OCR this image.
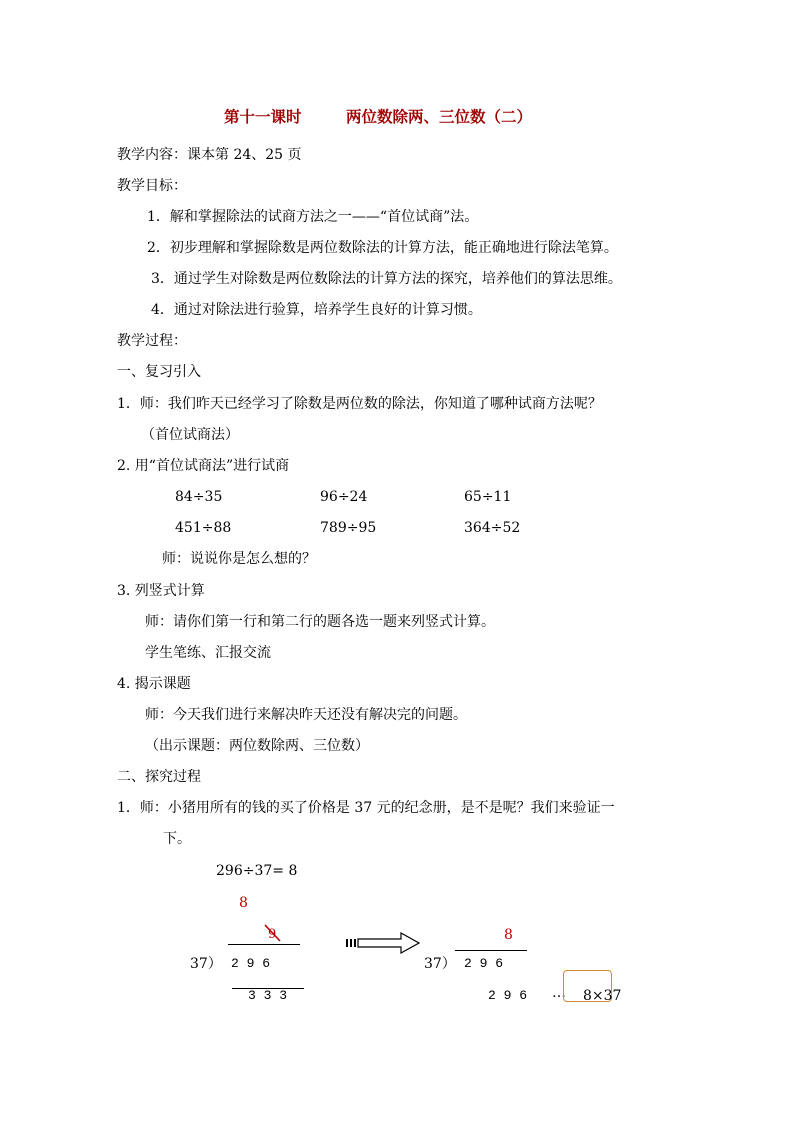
第十一课时	两位数除两、三位数（二）
教学内容：课本第 24、25 页
教学目标：
1．解和掌握除法的试商方法之一——“首位试商”法。
2．初步理解和掌握除数是两位数除法的计算方法，能正确地进行除法笔算。
3．通过学生对除数是两位数除法的计算方法的探究，培养他们的算法思维。
4．通过对除法进行验算，培养学生良好的计算习惯。
教学过程：
一、复习引入
1．师：我们昨天已经学习了除数是两位数的除法，你知道了哪种试商方法呢？
（首位试商法）
2. 用“首位试商法”进行试商
84÷35	96÷24	65÷11
451÷88	789÷95	364÷52
师：说说你是怎么想的？
3. 列竖式计算
师：请你们第一行和第二行的题各选一题来列竖式计算。
学生笔练、汇报交流
4. 揭示课题
师：今天我们进行来解决昨天还没有解决完的问题。
（出示课题：两位数除两、三位数）
二、探究过程
1．师：小猪用所有的钱的买了价格是 37 元的纪念册，是不是呢？我们来验证一
下。
296÷37= 8
8
9
37） 2 9 6
3 3 3
8
37） 2 9 6
2 9 6 … 8×37
